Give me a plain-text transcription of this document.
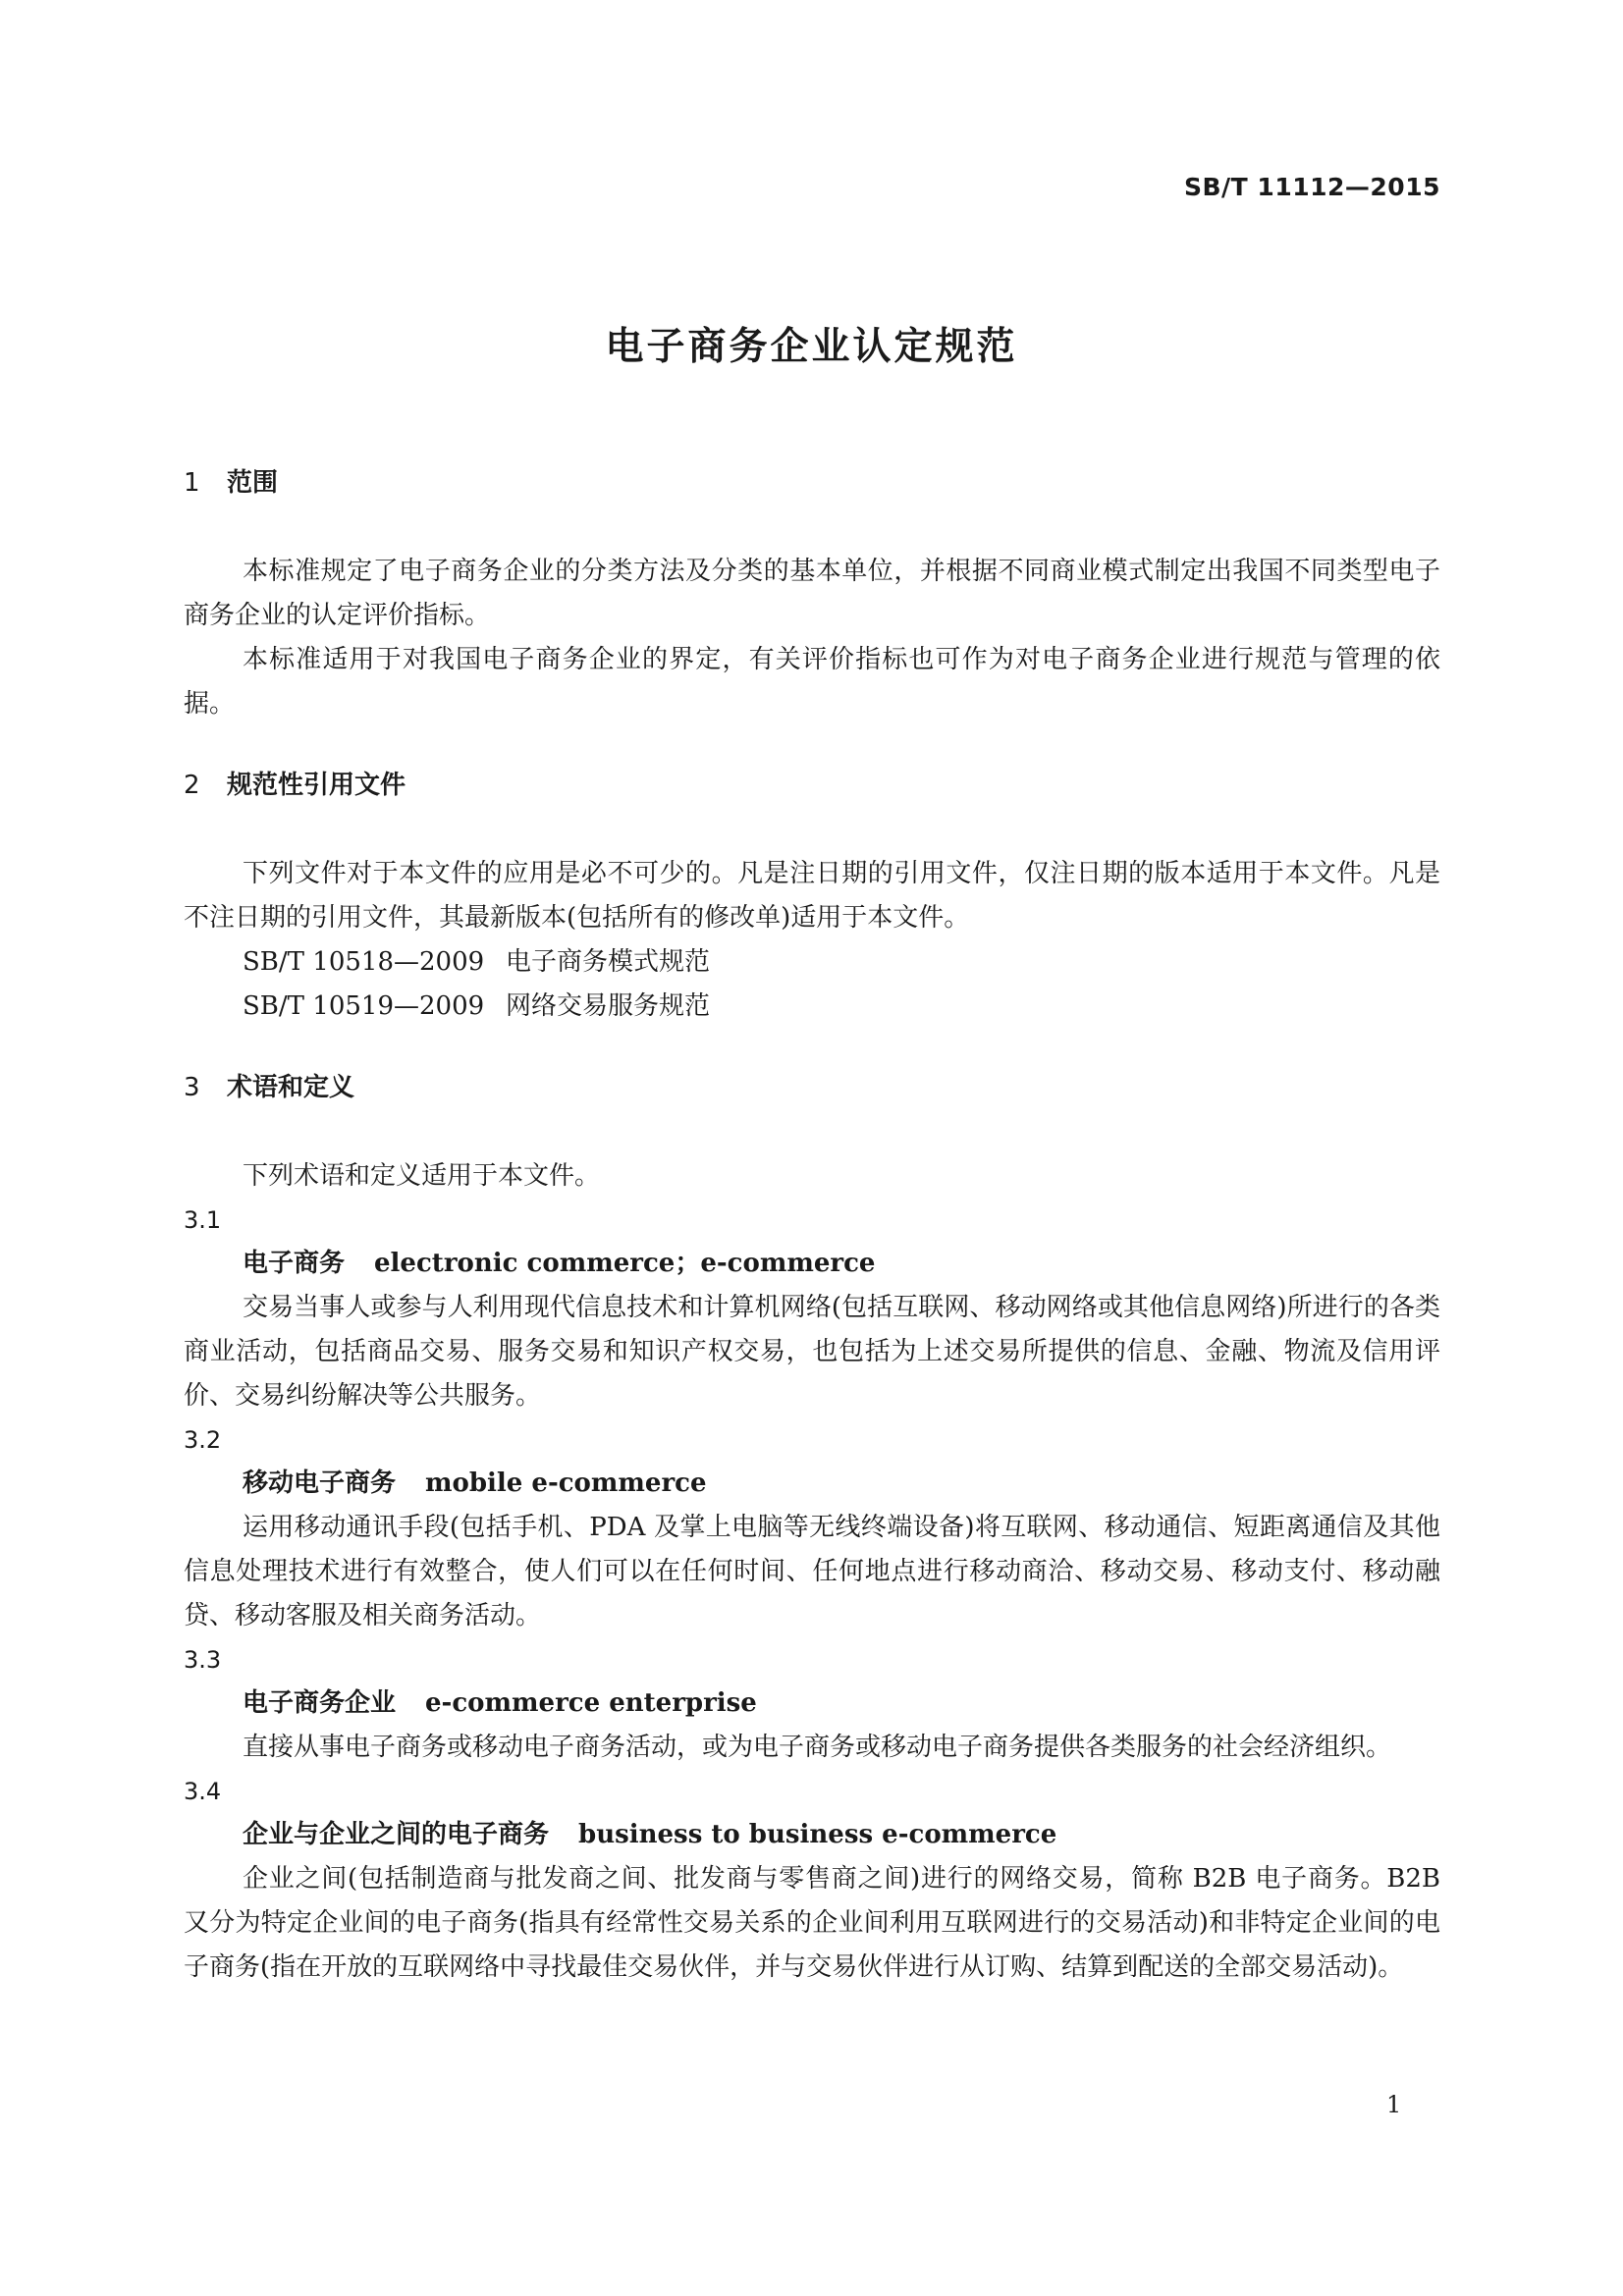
SB/T 11112—2015
电子商务企业认定规范
1 范围

本标准规定了电子商务企业的分类方法及分类的基本单位，并根据不同商业模式制定出我国不同类型电子商务企业的认定评价指标。

本标准适用于对我国电子商务企业的界定，有关评价指标也可作为对电子商务企业进行规范与管理的依据。

2 规范性引用文件

下列文件对于本文件的应用是必不可少的。凡是注日期的引用文件，仅注日期的版本适用于本文件。凡是不注日期的引用文件，其最新版本(包括所有的修改单)适用于本文件。

SB/T 10518—2009 电子商务模式规范
SB/T 10519—2009 网络交易服务规范
3 术语和定义

下列术语和定义适用于本文件。

3.1
电子商务 electronic commerce；e-commerce

交易当事人或参与人利用现代信息技术和计算机网络(包括互联网、移动网络或其他信息网络)所进行的各类商业活动，包括商品交易、服务交易和知识产权交易，也包括为上述交易所提供的信息、金融、物流及信用评价、交易纠纷解决等公共服务。

3.2
移动电子商务 mobile e-commerce

运用移动通讯手段(包括手机、PDA 及掌上电脑等无线终端设备)将互联网、移动通信、短距离通信及其他信息处理技术进行有效整合，使人们可以在任何时间、任何地点进行移动商洽、移动交易、移动支付、移动融贷、移动客服及相关商务活动。

3.3
电子商务企业 e-commerce enterprise

直接从事电子商务或移动电子商务活动，或为电子商务或移动电子商务提供各类服务的社会经济组织。

3.4
企业与企业之间的电子商务 business to business e-commerce

企业之间(包括制造商与批发商之间、批发商与零售商之间)进行的网络交易，简称 B2B 电子商务。B2B 又分为特定企业间的电子商务(指具有经常性交易关系的企业间利用互联网进行的交易活动)和非特定企业间的电子商务(指在开放的互联网络中寻找最佳交易伙伴，并与交易伙伴进行从订购、结算到配送的全部交易活动)。

1
